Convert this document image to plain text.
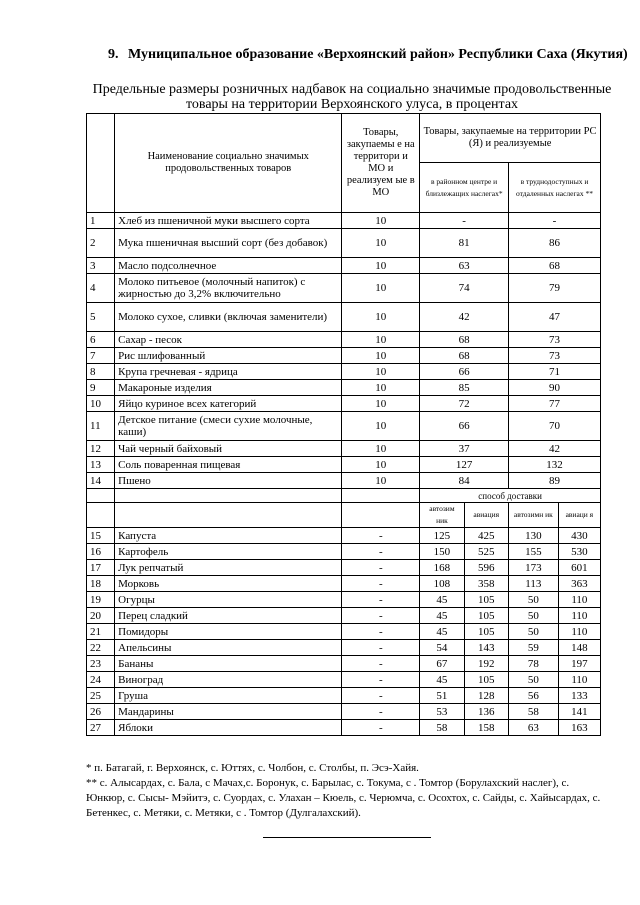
9. Муниципальное образование «Верхоянский район» Республики Саха (Якутия)
Предельные размеры розничных надбавок на социально значимые продовольственные товары на территории Верхоянского улуса, в процентах
	Наименование социально значимых продовольственных товаров	Товары, закупаемы е на территори и МО и реализуем ые в МО	Товары, закупаемые на территории РС (Я) и реализуемые			
			в районном центре и близлежащих наслегах*		в труднодоступных и отдаленных наслегах **	
1	Хлеб из пшеничной муки высшего сорта	10	-		-	
2	Мука пшеничная высший сорт (без добавок)	10	81		86	
3	Масло подсолнечное	10	63		68	
4	Молоко питьевое (молочный напиток) с жирностью до 3,2% включительно	10	74		79	
5	Молоко сухое, сливки (включая заменители)	10	42		47	
6	Сахар - песок	10	68		73	
7	Рис шлифованный	10	68		73	
8	Крупа гречневая - ядрица	10	66		71	
9	Макароные изделия	10	85		90	
10	Яйцо куриное всех категорий	10	72		77	
11	Детское питание (смеси сухие молочные, каши)	10	66		70	
12	Чай черный байховый	10	37		42	
13	Соль поваренная пищевая	10	127		132	
14	Пшено	10	84		89	
			способ доставки			
			автозим ник	авиация	автозимн ик	авиаци я
15	Капуста	-	125	425	130	430
16	Картофель	-	150	525	155	530
17	Лук репчатый	-	168	596	173	601
18	Морковь	-	108	358	113	363
19	Огурцы	-	45	105	50	110
20	Перец сладкий	-	45	105	50	110
21	Помидоры	-	45	105	50	110
22	Апельсины	-	54	143	59	148
23	Бананы	-	67	192	78	197
24	Виноград	-	45	105	50	110
25	Груша	-	51	128	56	133
26	Мандарины	-	53	136	58	141
27	Яблоки	-	58	158	63	163

* п. Батагай, г. Верхоянск, с. Юттях, с. Чолбон, с. Столбы, п. Эсэ-Хайя.

** с. Алысардах, с. Бала, с Мачах,с. Боронук, с. Барылас, с. Токума, с . Томтор (Борулахский наслег), с. Юнкюр, с. Сысы- Мэйитэ, с. Суордах, с. Улахан – Кюель, с. Черюмча, с. Осохтох, с. Сайды, с. Хайысардах, с. Бетенкес, с. Метяки, с. Метяки, с . Томтор (Дулгалахский).
